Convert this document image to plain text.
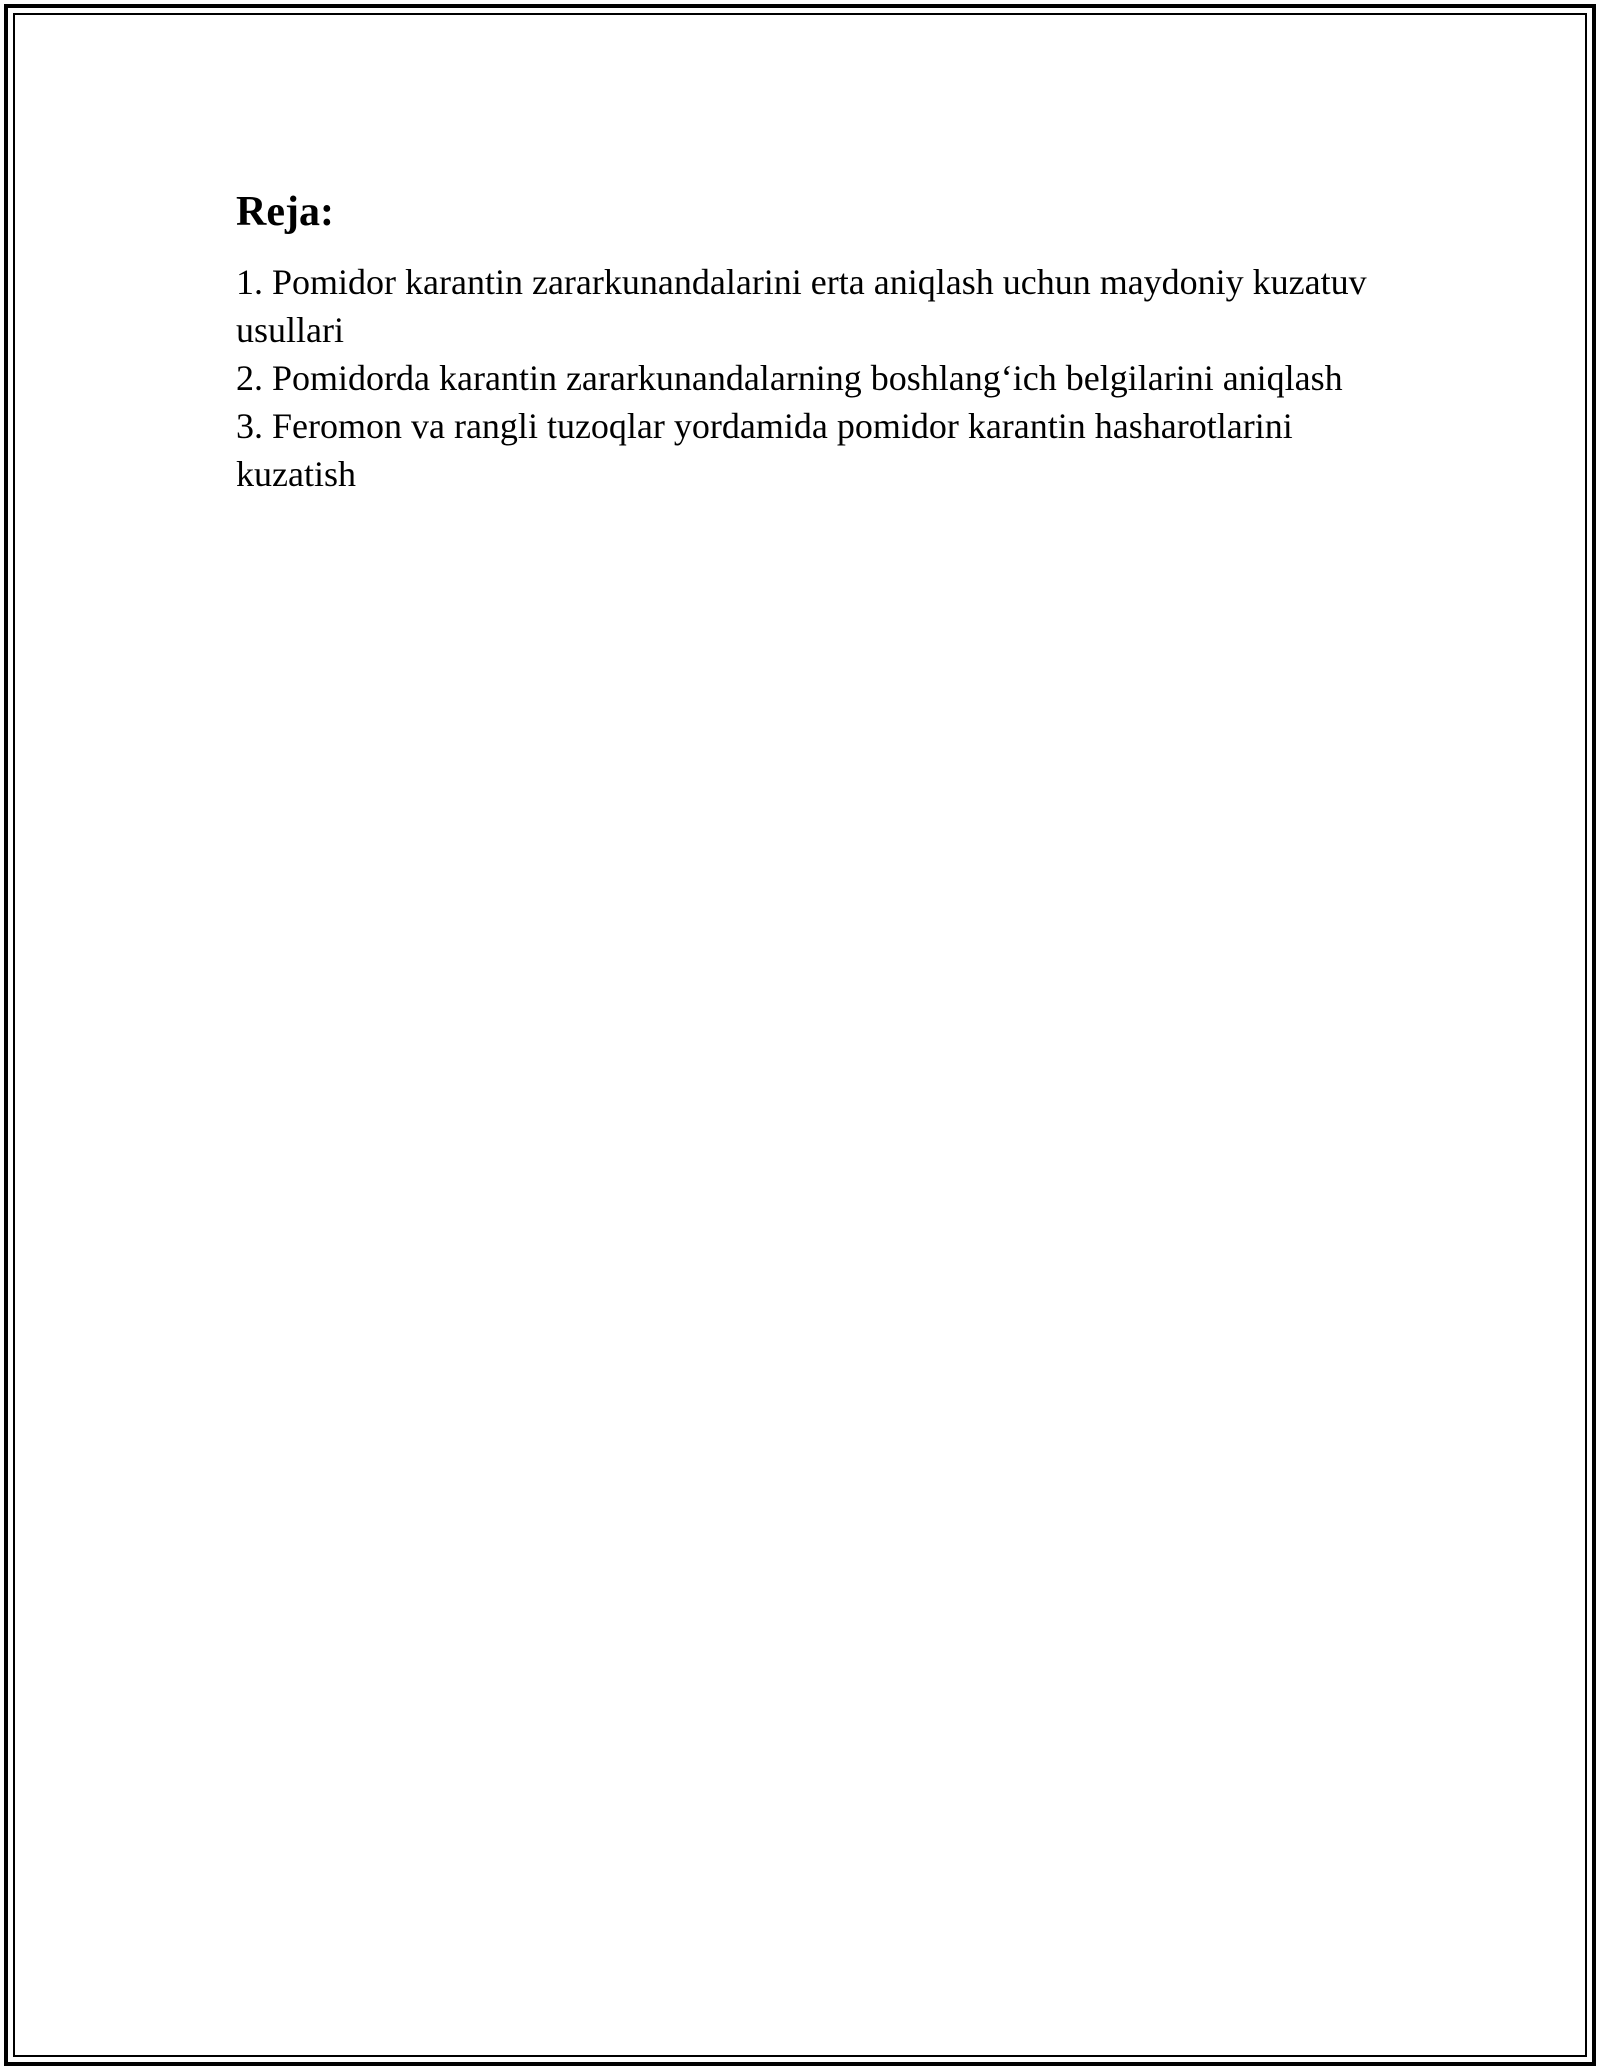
Reja:
1. Pomidor karantin zararkunandalarini erta aniqlash uchun maydoniy kuzatuv usullari
2. Pomidorda karantin zararkunandalarning boshlang‘ich belgilarini aniqlash
3. Feromon va rangli tuzoqlar yordamida pomidor karantin hasharotlarini kuzatish
